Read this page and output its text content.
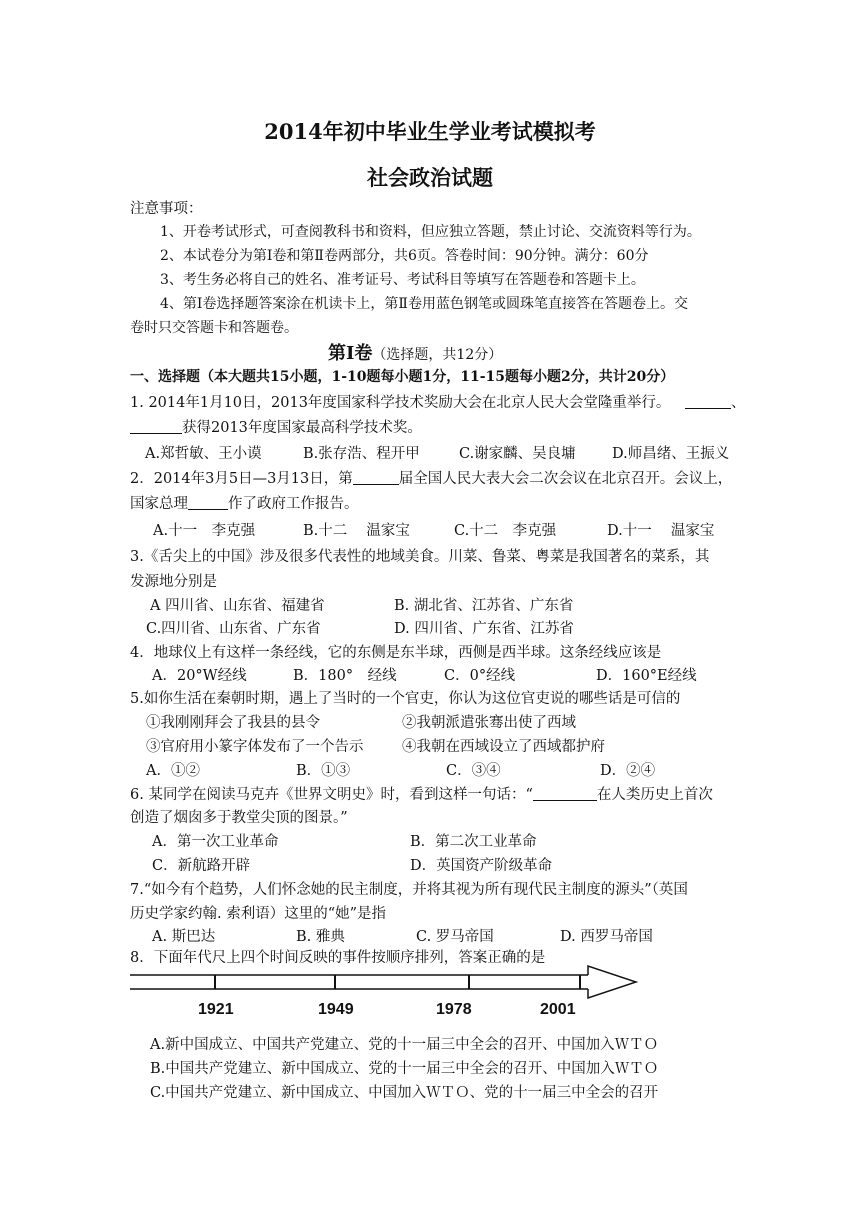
2014年初中毕业生学业考试模拟考
社会政治试题
注意事项：
1、开卷考试形式，可查阅教科书和资料，但应独立答题，禁止讨论、交流资料等行为。
2、本试卷分为第Ⅰ卷和第Ⅱ卷两部分，共6页。答卷时间：90分钟。满分：60分
3、考生务必将自己的姓名、准考证号、考试科目等填写在答题卷和答题卡上。
4、第Ⅰ卷选择题答案涂在机读卡上，第Ⅱ卷用蓝色钢笔或圆珠笔直接答在答题卷上。交
卷时只交答题卡和答题卷。
第Ⅰ卷（选择题，共12分）
一、选择题（本大题共15小题，1-10题每小题1分，11-15题每小题2分，共计20分）
1. 2014年1月10日，2013年度国家科学技术奖励大会在北京人民大会堂隆重举行。	、
获得2013年度国家最高科学技术奖。
A.郑哲敏、王小谟	B.张存浩、程开甲	C.谢家麟、吴良墉	D.师昌绪、王振义
2．2014年3月5日—3月13日，第	届全国人民大表大会二次会议在北京召开。会议上，
国家总理	作了政府工作报告。
A.十一　李克强	B.十二　 温家宝	C.十二　李克强	D.十一　 温家宝
3.《舌尖上的中国》涉及很多代表性的地域美食。川菜、鲁菜、粤菜是我国著名的菜系，其
发源地分别是
A 四川省、山东省、福建省	B. 湖北省、江苏省、广东省
C.四川省、山东省、广东省	D. 四川省、广东省、江苏省
4．地球仪上有这样一条经线，它的东侧是东半球，西侧是西半球。这条经线应该是
A．20°W经线	B．180°　经线	C．0°经线	D．160°E经线
5.如你生活在秦朝时期，遇上了当时的一个官吏，你认为这位官吏说的哪些话是可信的
①我刚刚拜会了我县的县令	②我朝派遣张骞出使了西域
③官府用小篆字体发布了一个告示	④我朝在西域设立了西域都护府
A．①②	B．①③	C．③④	D．②④
6. 某同学在阅读马克卉《世界文明史》时，看到这样一句话：“	在人类历史上首次
创造了烟囱多于教堂尖顶的图景。”
A．第一次工业革命	B．第二次工业革命
C．新航路开辟	D．英国资产阶级革命
7.“如今有个趋势，人们怀念她的民主制度，并将其视为所有现代民主制度的源头”（英国
历史学家约翰. 索利语）这里的“她”是指
A. 斯巴达	B. 雅典	C. 罗马帝国	D. 西罗马帝国
8．下面年代尺上四个时间反映的事件按顺序排列，答案正确的是
1921	1949	1978	2001
A.新中国成立、中国共产党建立、党的十一届三中全会的召开、中国加入ＷＴＯ
B.中国共产党建立、新中国成立、党的十一届三中全会的召开、中国加入ＷＴＯ
C.中国共产党建立、新中国成立、中国加入ＷＴＯ、党的十一届三中全会的召开
